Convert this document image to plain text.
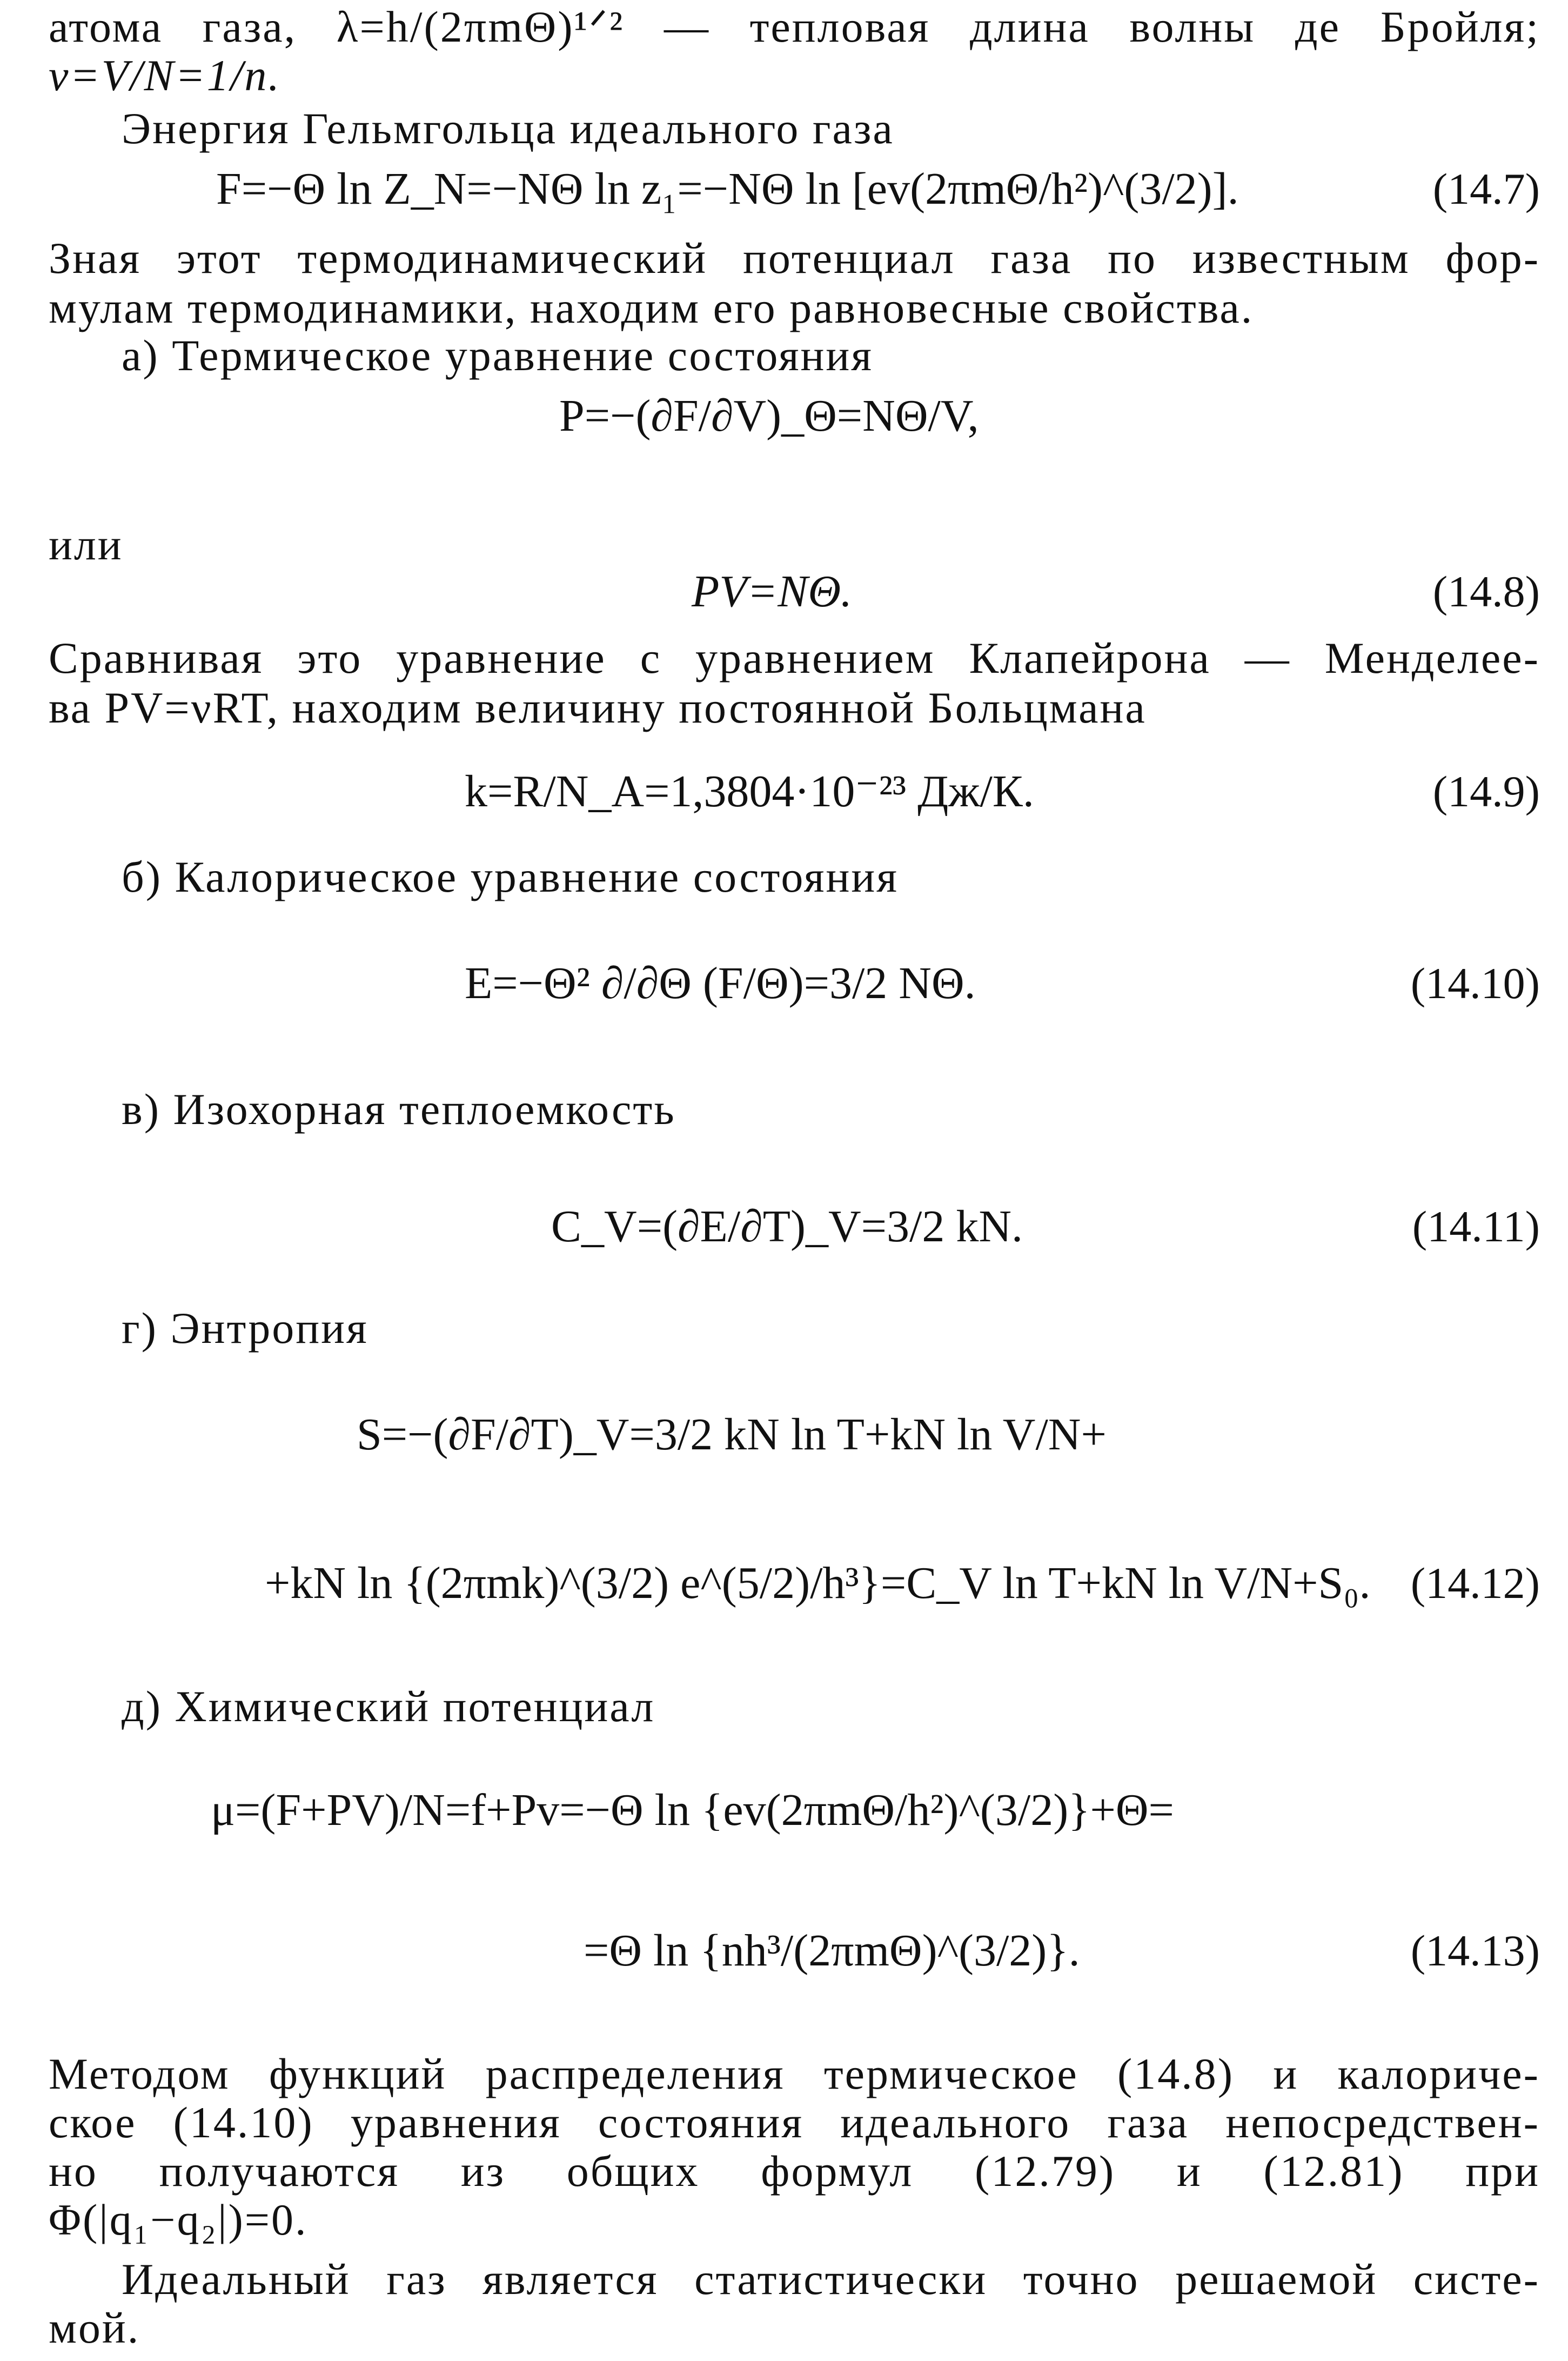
атома газа, λ=h/(2πmΘ)¹ᐟ² — тепловая длина волны де Бройля;
v=V/N=1/n.
Энергия Гельмгольца идеального газа
F=−Θ ln Z_N=−NΘ ln z₁=−NΘ ln [ev(2πmΘ/h²)^(3/2)].	(14.7)
Зная этот термодинамический потенциал газа по известным фор-
мулам термодинамики, находим его равновесные свойства.
а) Термическое уравнение состояния
P=−(∂F/∂V)_Θ=NΘ/V,
или
PV=NΘ.	(14.8)
Сравнивая это уравнение с уравнением Клапейрона — Менделее-
ва PV=νRT, находим величину постоянной Больцмана
k=R/N_A=1,3804·10⁻²³ Дж/К.	(14.9)
б) Калорическое уравнение состояния
E=−Θ² ∂/∂Θ (F/Θ)=3/2 NΘ.	(14.10)
в) Изохорная теплоемкость
C_V=(∂E/∂T)_V=3/2 kN.	(14.11)
г) Энтропия
S=−(∂F/∂T)_V=3/2 kN ln T+kN ln V/N+
+kN ln {(2πmk)^(3/2) e^(5/2)/h³}=C_V ln T+kN ln V/N+S₀. (14.12)
д) Химический потенциал
μ=(F+PV)/N=f+Pv=−Θ ln {ev(2πmΘ/h²)^(3/2)}+Θ=
=Θ ln {nh³/(2πmΘ)^(3/2)}.	(14.13)
Методом функций распределения термическое (14.8) и калориче-
ское (14.10) уравнения состояния идеального газа непосредствен-
но получаются из общих формул (12.79) и (12.81) при
Φ(|q₁−q₂|)=0.
Идеальный газ является статистически точно решаемой систе-
мой.
